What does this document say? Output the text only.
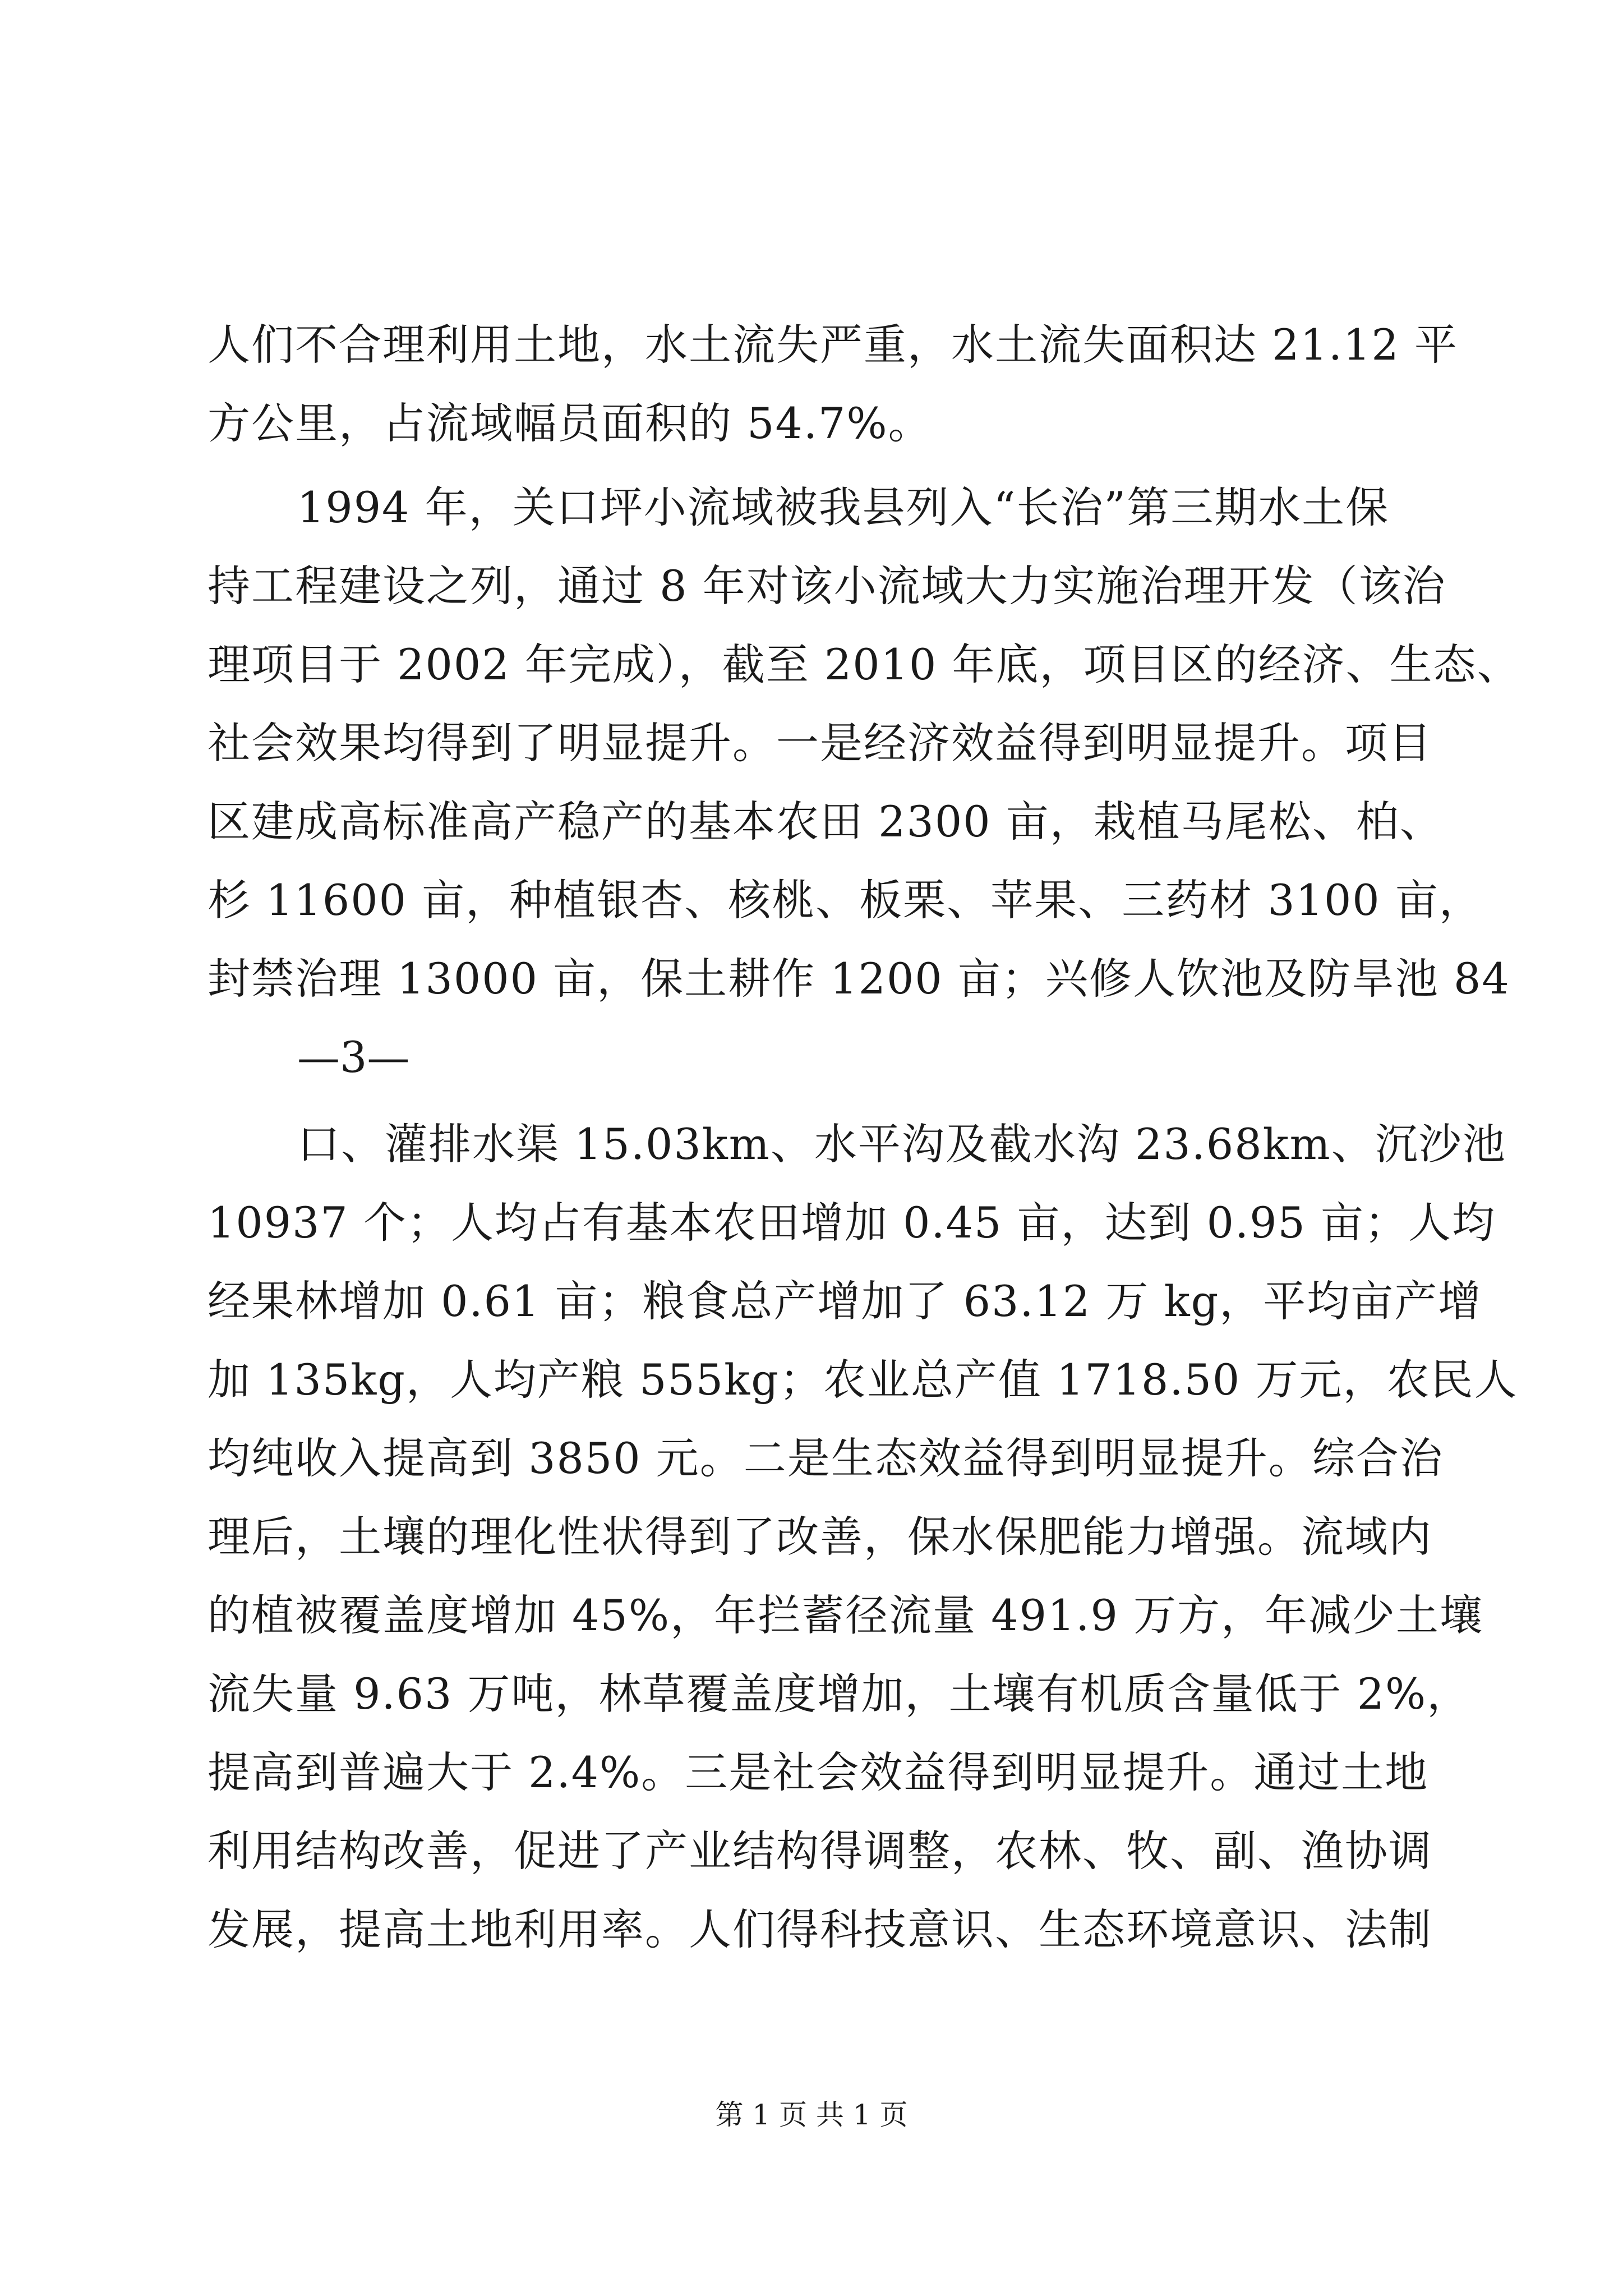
人们不合理利用土地，水土流失严重，水土流失面积达 21.12 平
方公里，占流域幅员面积的 54.7%。
1994 年，关口坪小流域被我县列入“长治”第三期水土保
持工程建设之列，通过 8 年对该小流域大力实施治理开发（该治
理项目于 2002 年完成），截至 2010 年底，项目区的经济、生态、
社会效果均得到了明显提升。一是经济效益得到明显提升。项目
区建成高标准高产稳产的基本农田 2300 亩，栽植马尾松、柏、
杉 11600 亩，种植银杏、核桃、板栗、苹果、三药材 3100 亩，
封禁治理 13000 亩，保土耕作 1200 亩；兴修人饮池及防旱池 84
—3—
口、灌排水渠 15.03km、水平沟及截水沟 23.68km、沉沙池
10937 个；人均占有基本农田增加 0.45 亩，达到 0.95 亩；人均
经果林增加 0.61 亩；粮食总产增加了 63.12 万 kg，平均亩产增
加 135kg，人均产粮 555kg；农业总产值 1718.50 万元，农民人
均纯收入提高到 3850 元。二是生态效益得到明显提升。综合治
理后，土壤的理化性状得到了改善，保水保肥能力增强。流域内
的植被覆盖度增加 45%，年拦蓄径流量 491.9 万方，年减少土壤
流失量 9.63 万吨，林草覆盖度增加，土壤有机质含量低于 2%，
提高到普遍大于 2.4%。三是社会效益得到明显提升。通过土地
利用结构改善，促进了产业结构得调整，农林、牧、副、渔协调
发展，提高土地利用率。人们得科技意识、生态环境意识、法制
第 1 页 共 1 页
